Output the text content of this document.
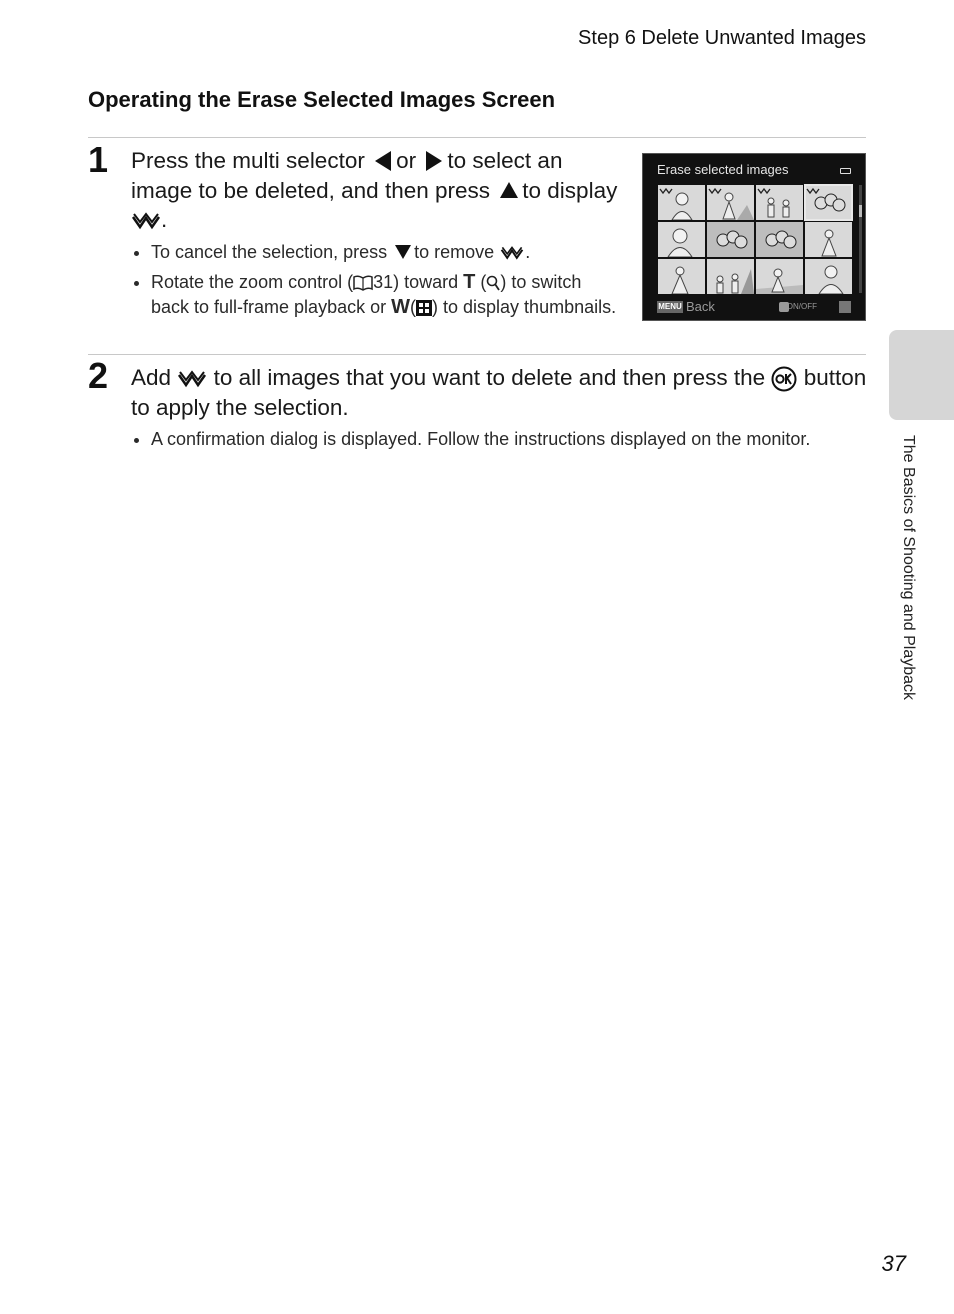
Step 6 Delete Unwanted Images
Operating the Erase Selected Images Screen
1 Press the multi selector or to select an image to be deleted, and then press to display .
To cancel the selection, press to remove .
Rotate the zoom control ( 31) toward T ( ) to switch back to full-frame playback or W( ) to display thumbnails.
Erase selected images
MENU Back	ON/OFF
2 Add to all images that you want to delete and then press the button to apply the selection.
A confirmation dialog is displayed. Follow the instructions displayed on the monitor.	The Basics of Shooting and Playback
37
